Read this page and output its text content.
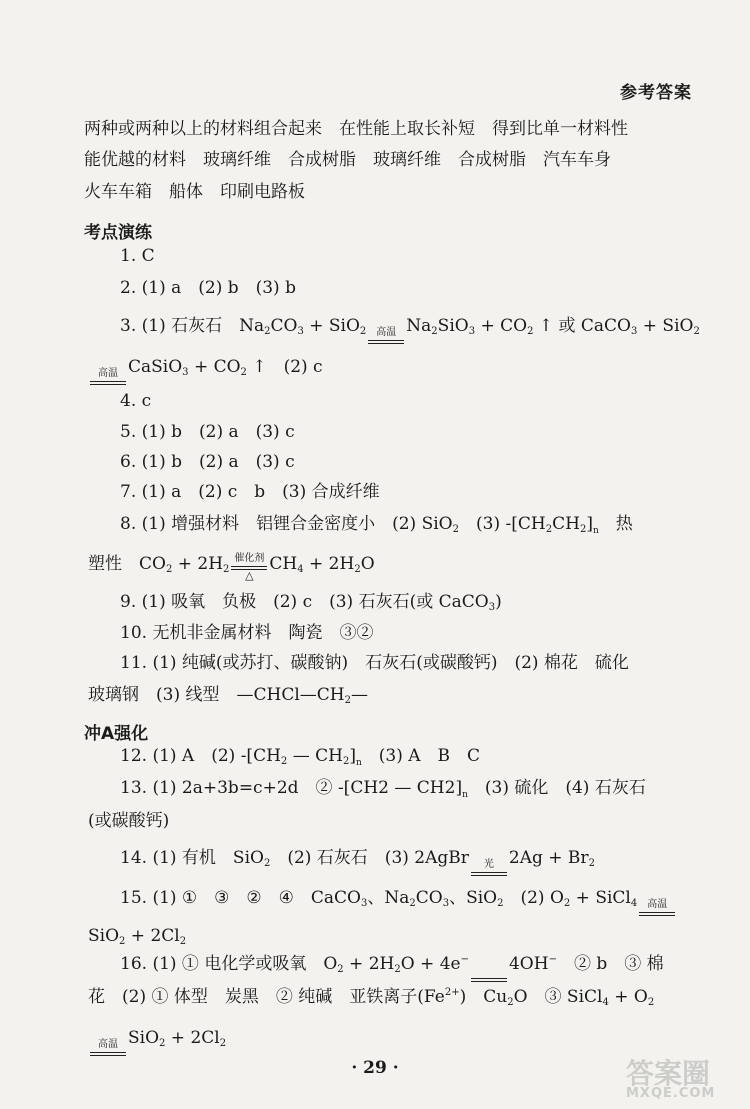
参考答案
两种或两种以上的材料组合起来　在性能上取长补短　得到比单一材料性
能优越的材料　玻璃纤维　合成树脂　玻璃纤维　合成树脂　汽车车身
火车车箱　船体　印刷电路板
考点演练
1. C
2. (1) a　(2) b　(3) b
3. (1) 石灰石　$Na_2CO_3 + SiO_2$	高温 $Na_2SiO_3 + CO_2$ ↑ 或 CaCO$_3$ + SiO$_2$
高温 CaSiO$_3$ + $CO_2$ ↑　(2) c
4. c
5. (1) b　(2) a　(3) c
6. (1) b　(2) a　(3) c
7. (1) a　(2) c　b　(3) 合成纤维
8. (1) 增强材料　铝锂合金密度小　(2) SiO$_2$　(3) $‑[CH_2CH_2]_n$　热
塑性　$CO_2 + 2H_2$
催化剂
△
$CH_4 + 2H_2O$
9. (1) 吸氧　负极　(2) c　(3) 石灰石(或 CaCO$_3$)
10. 无机非金属材料　陶瓷　③②
11. (1) 纯碱(或苏打、碳酸钠)　石灰石(或碳酸钙)　(2) 棉花　硫化
玻璃钢　(3) 线型　$—CHCl—CH_2—$
冲A强化
12. (1) A　(2) $‑[CH_2$ — $CH_2]_n$　(3) A　B　C
13. (1) 2a+3b=c+2d　② ‑[CH2 — $CH2]_n$　(3) 硫化　(4) 石灰石
(或碳酸钙)
14. (1) 有机　SiO$_2$　(2) 石灰石　(3) 2AgBr	光 $2Ag + Br_2$
15. (1) ①　③　②　④　CaCO$_3$、$Na_2CO_3$、SiO$_2$　(2) $O_2$ + SiCl$_4$	高温
$SiO_2 + 2Cl_2$
16. (1) ① 电化学或吸氧　$O_2 + 2H_2O + 4e^-$ 4OH−　② b　③ 棉
花　(2) ① 体型　炭黑　② 纯碱　亚铁离子$(Fe^{2+})$　$Cu_2O$　③ SiCl$_4$ + $O_2$
高温 $SiO_2 + 2Cl_2$
· 29 ·	答案圈
MXQE.COM
